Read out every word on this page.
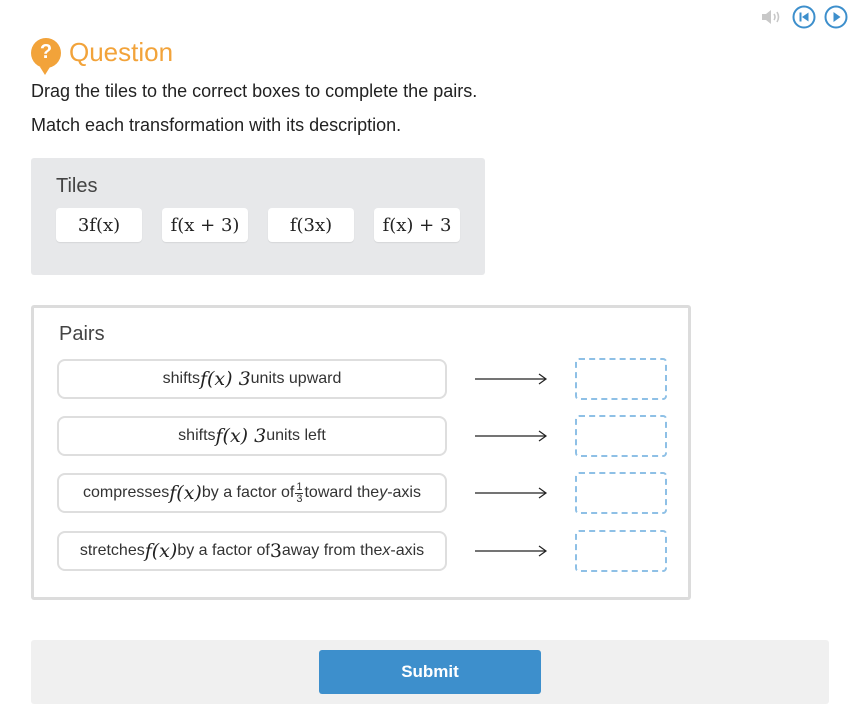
? Question
Drag the tiles to the correct boxes to complete the pairs.
Match each transformation with its description.
Tiles
3f(x)	f(x + 3)	f(3x)	f(x) + 3
Pairs
shifts f(x) 3 units upward
shifts f(x) 3 units left
compresses f(x) by a factor of $\frac{1}{3}$ toward the y -axis
stretches f(x) by a factor of 3 away from the x -axis
Submit
